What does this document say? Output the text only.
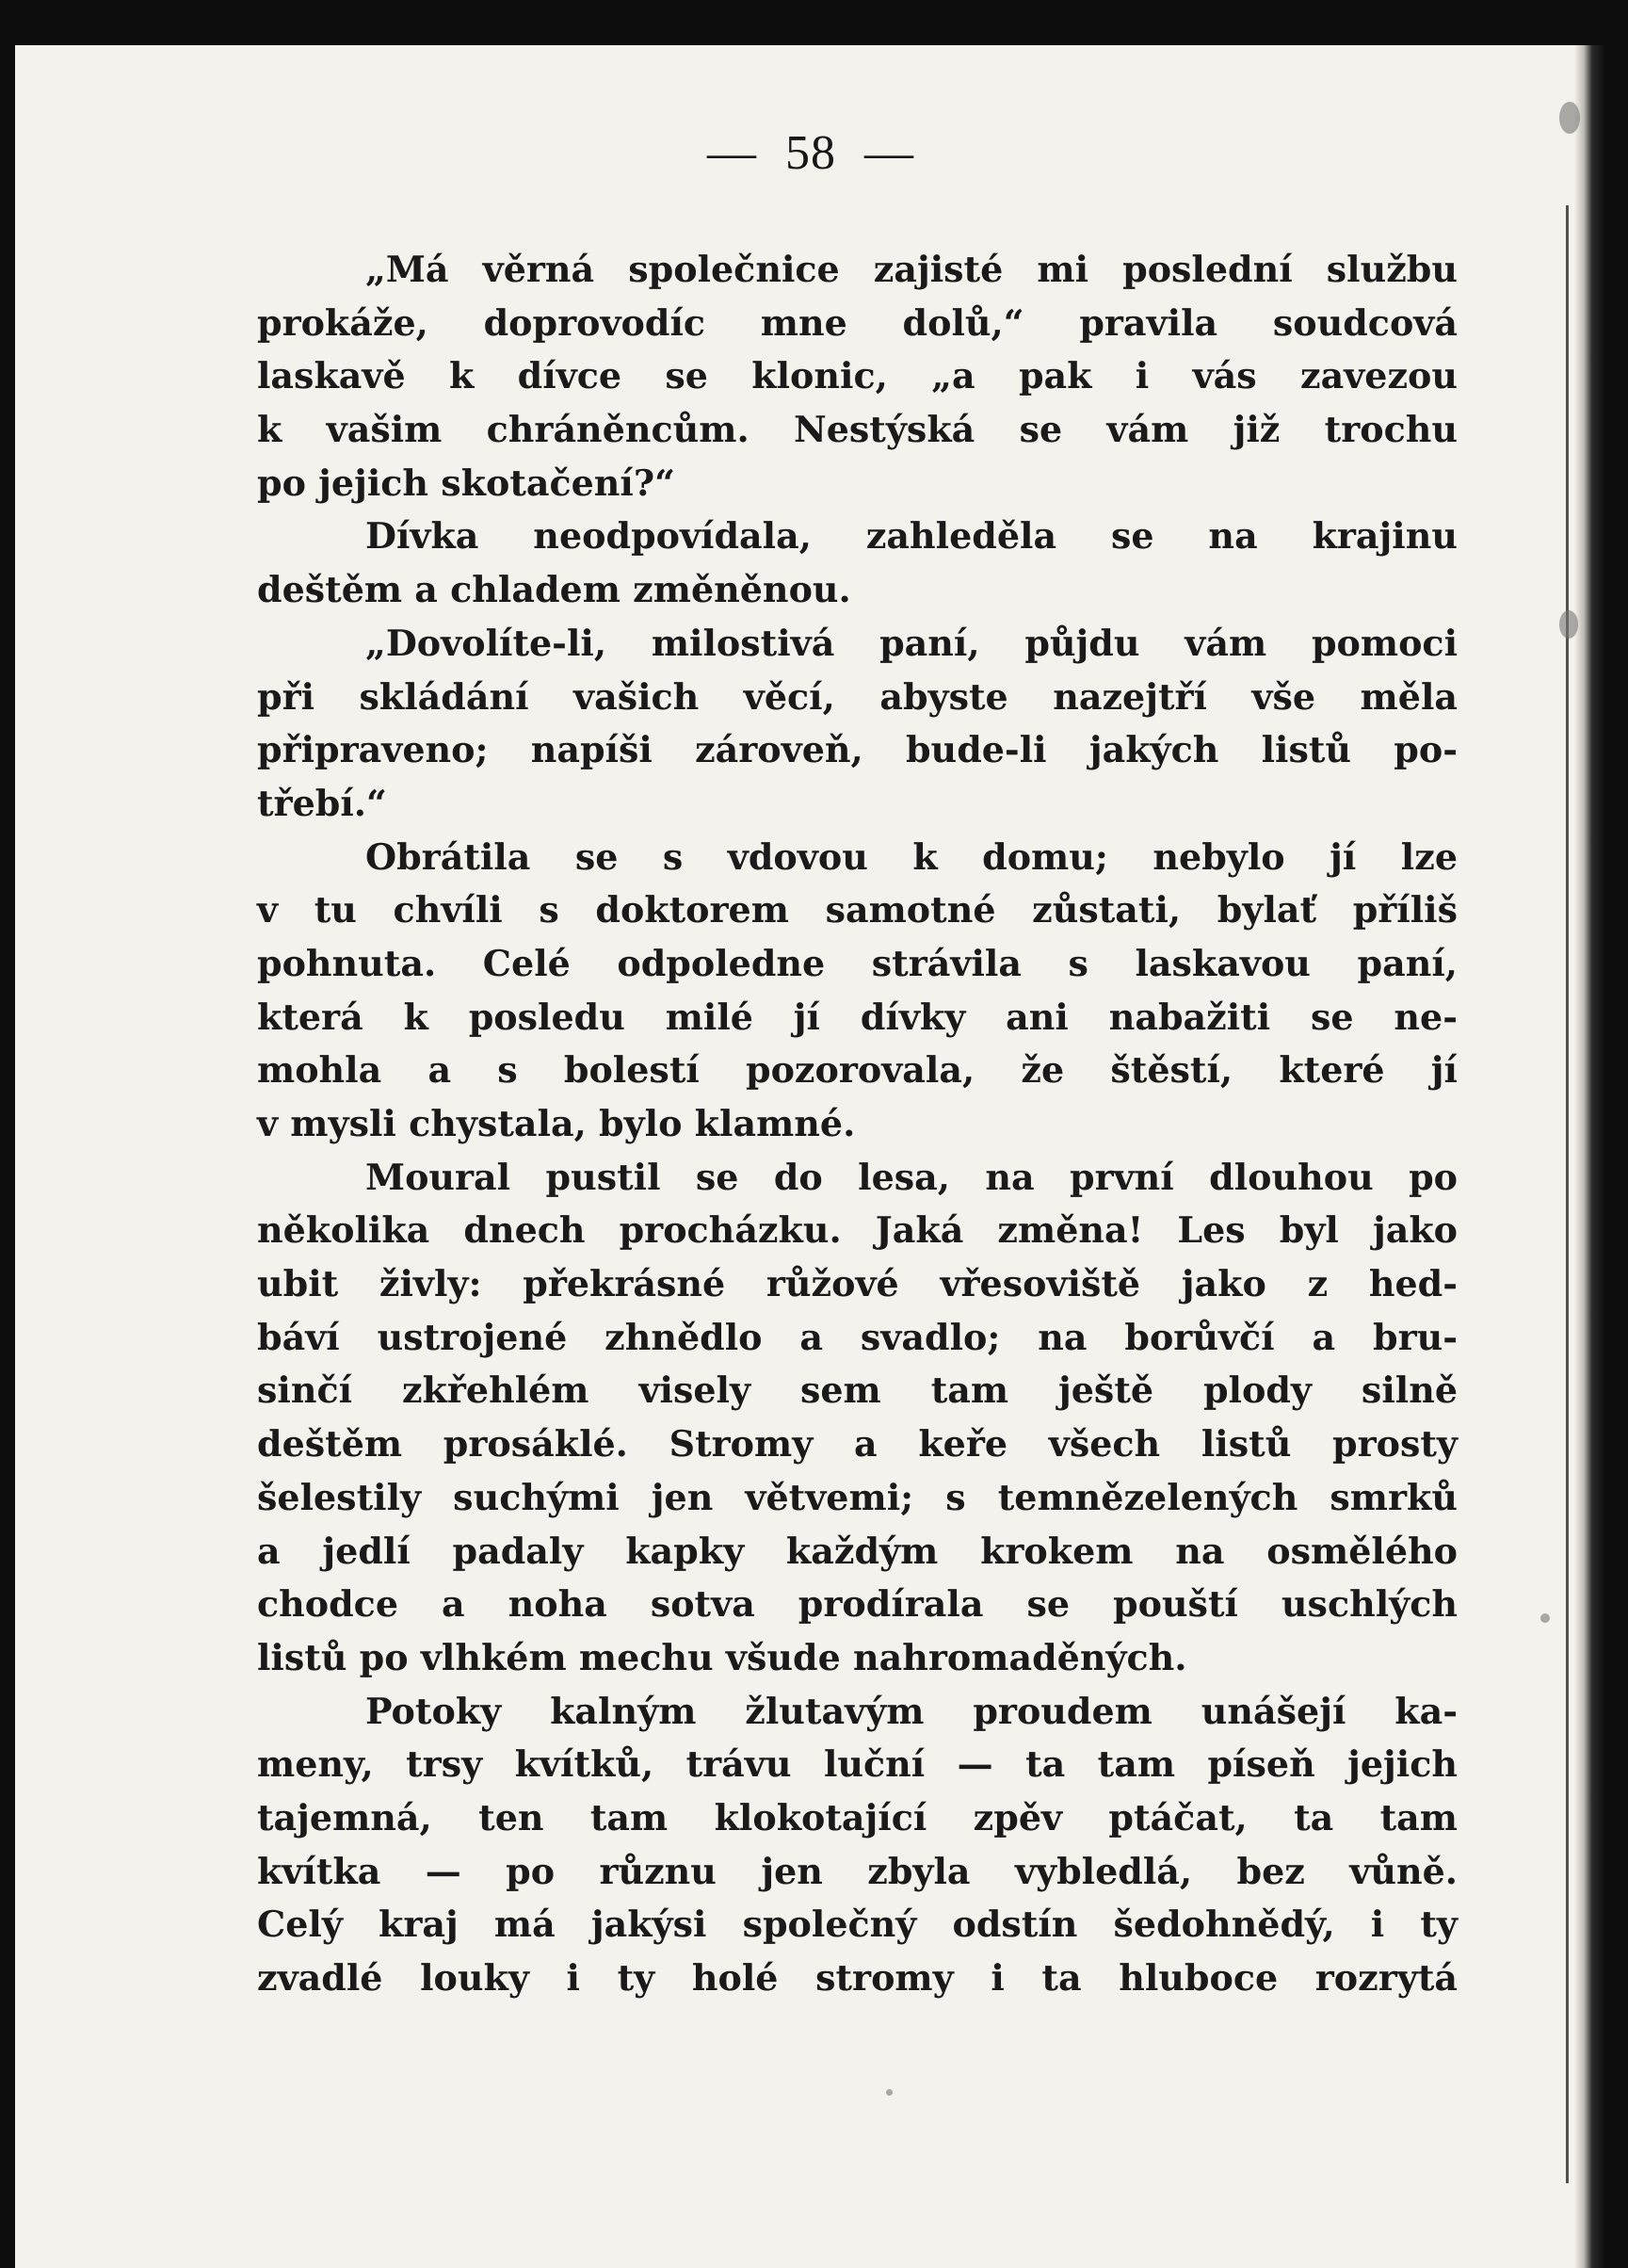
— 58 —
„Má věrná společnice zajisté mi poslední službu
prokáže, doprovodíc mne dolů,“ pravila soudcová
laskavě k dívce se klonic, „a pak i vás zavezou
k vašim chráněncům. Nestýská se vám již trochu
po jejich skotačení?“
Dívka neodpovídala, zahleděla se na krajinu
deštěm a chladem změněnou.
„Dovolíte-li, milostivá paní, půjdu vám pomoci
při skládání vašich věcí, abyste nazejtří vše měla
připraveno; napíši zároveň, bude-li jakých listů po-
třebí.“
Obrátila se s vdovou k domu; nebylo jí lze
v tu chvíli s doktorem samotné zůstati, bylať příliš
pohnuta. Celé odpoledne strávila s laskavou paní,
která k posledu milé jí dívky ani nabažiti se ne-
mohla a s bolestí pozorovala, že štěstí, které jí
v mysli chystala, bylo klamné.
Moural pustil se do lesa, na první dlouhou po
několika dnech procházku. Jaká změna! Les byl jako
ubit živly: překrásné růžové vřesoviště jako z hed-
báví ustrojené zhnědlo a svadlo; na borůvčí a bru-
sinčí zkřehlém visely sem tam ještě plody silně
deštěm prosáklé. Stromy a keře všech listů prosty
šelestily suchými jen větvemi; s temnězelených smrků
a jedlí padaly kapky každým krokem na osmělého
chodce a noha sotva prodírala se pouští uschlých
listů po vlhkém mechu všude nahromaděných.
Potoky kalným žlutavým proudem unášejí ka-
meny, trsy kvítků, trávu luční — ta tam píseň jejich
tajemná, ten tam klokotající zpěv ptáčat, ta tam
kvítka — po různu jen zbyla vybledlá, bez vůně.
Celý kraj má jakýsi společný odstín šedohnědý, i ty
zvadlé louky i ty holé stromy i ta hluboce rozrytá
